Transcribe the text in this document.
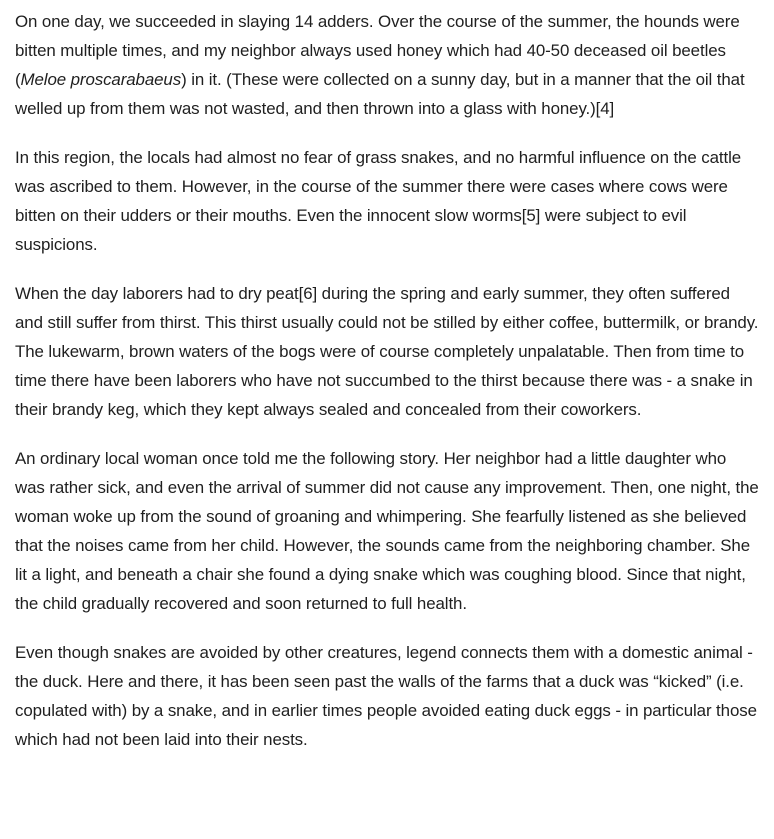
On one day, we succeeded in slaying 14 adders. Over the course of the summer, the hounds were bitten multiple times, and my neighbor always used honey which had 40-50 deceased oil beetles (Meloe proscarabaeus) in it. (These were collected on a sunny day, but in a manner that the oil that welled up from them was not wasted, and then thrown into a glass with honey.)[4]

In this region, the locals had almost no fear of grass snakes, and no harmful influence on the cattle was ascribed to them. However, in the course of the summer there were cases where cows were bitten on their udders or their mouths. Even the innocent slow worms[5] were subject to evil suspicions.

When the day laborers had to dry peat[6] during the spring and early summer, they often suffered and still suffer from thirst. This thirst usually could not be stilled by either coffee, buttermilk, or brandy. The lukewarm, brown waters of the bogs were of course completely unpalatable. Then from time to time there have been laborers who have not succumbed to the thirst because there was - a snake in their brandy keg, which they kept always sealed and concealed from their coworkers.

An ordinary local woman once told me the following story. Her neighbor had a little daughter who was rather sick, and even the arrival of summer did not cause any improvement. Then, one night, the woman woke up from the sound of groaning and whimpering. She fearfully listened as she believed that the noises came from her child. However, the sounds came from the neighboring chamber. She lit a light, and beneath a chair she found a dying snake which was coughing blood. Since that night, the child gradually recovered and soon returned to full health.

Even though snakes are avoided by other creatures, legend connects them with a domestic animal - the duck. Here and there, it has been seen past the walls of the farms that a duck was “kicked” (i.e. copulated with) by a snake, and in earlier times people avoided eating duck eggs - in particular those which had not been laid into their nests.
